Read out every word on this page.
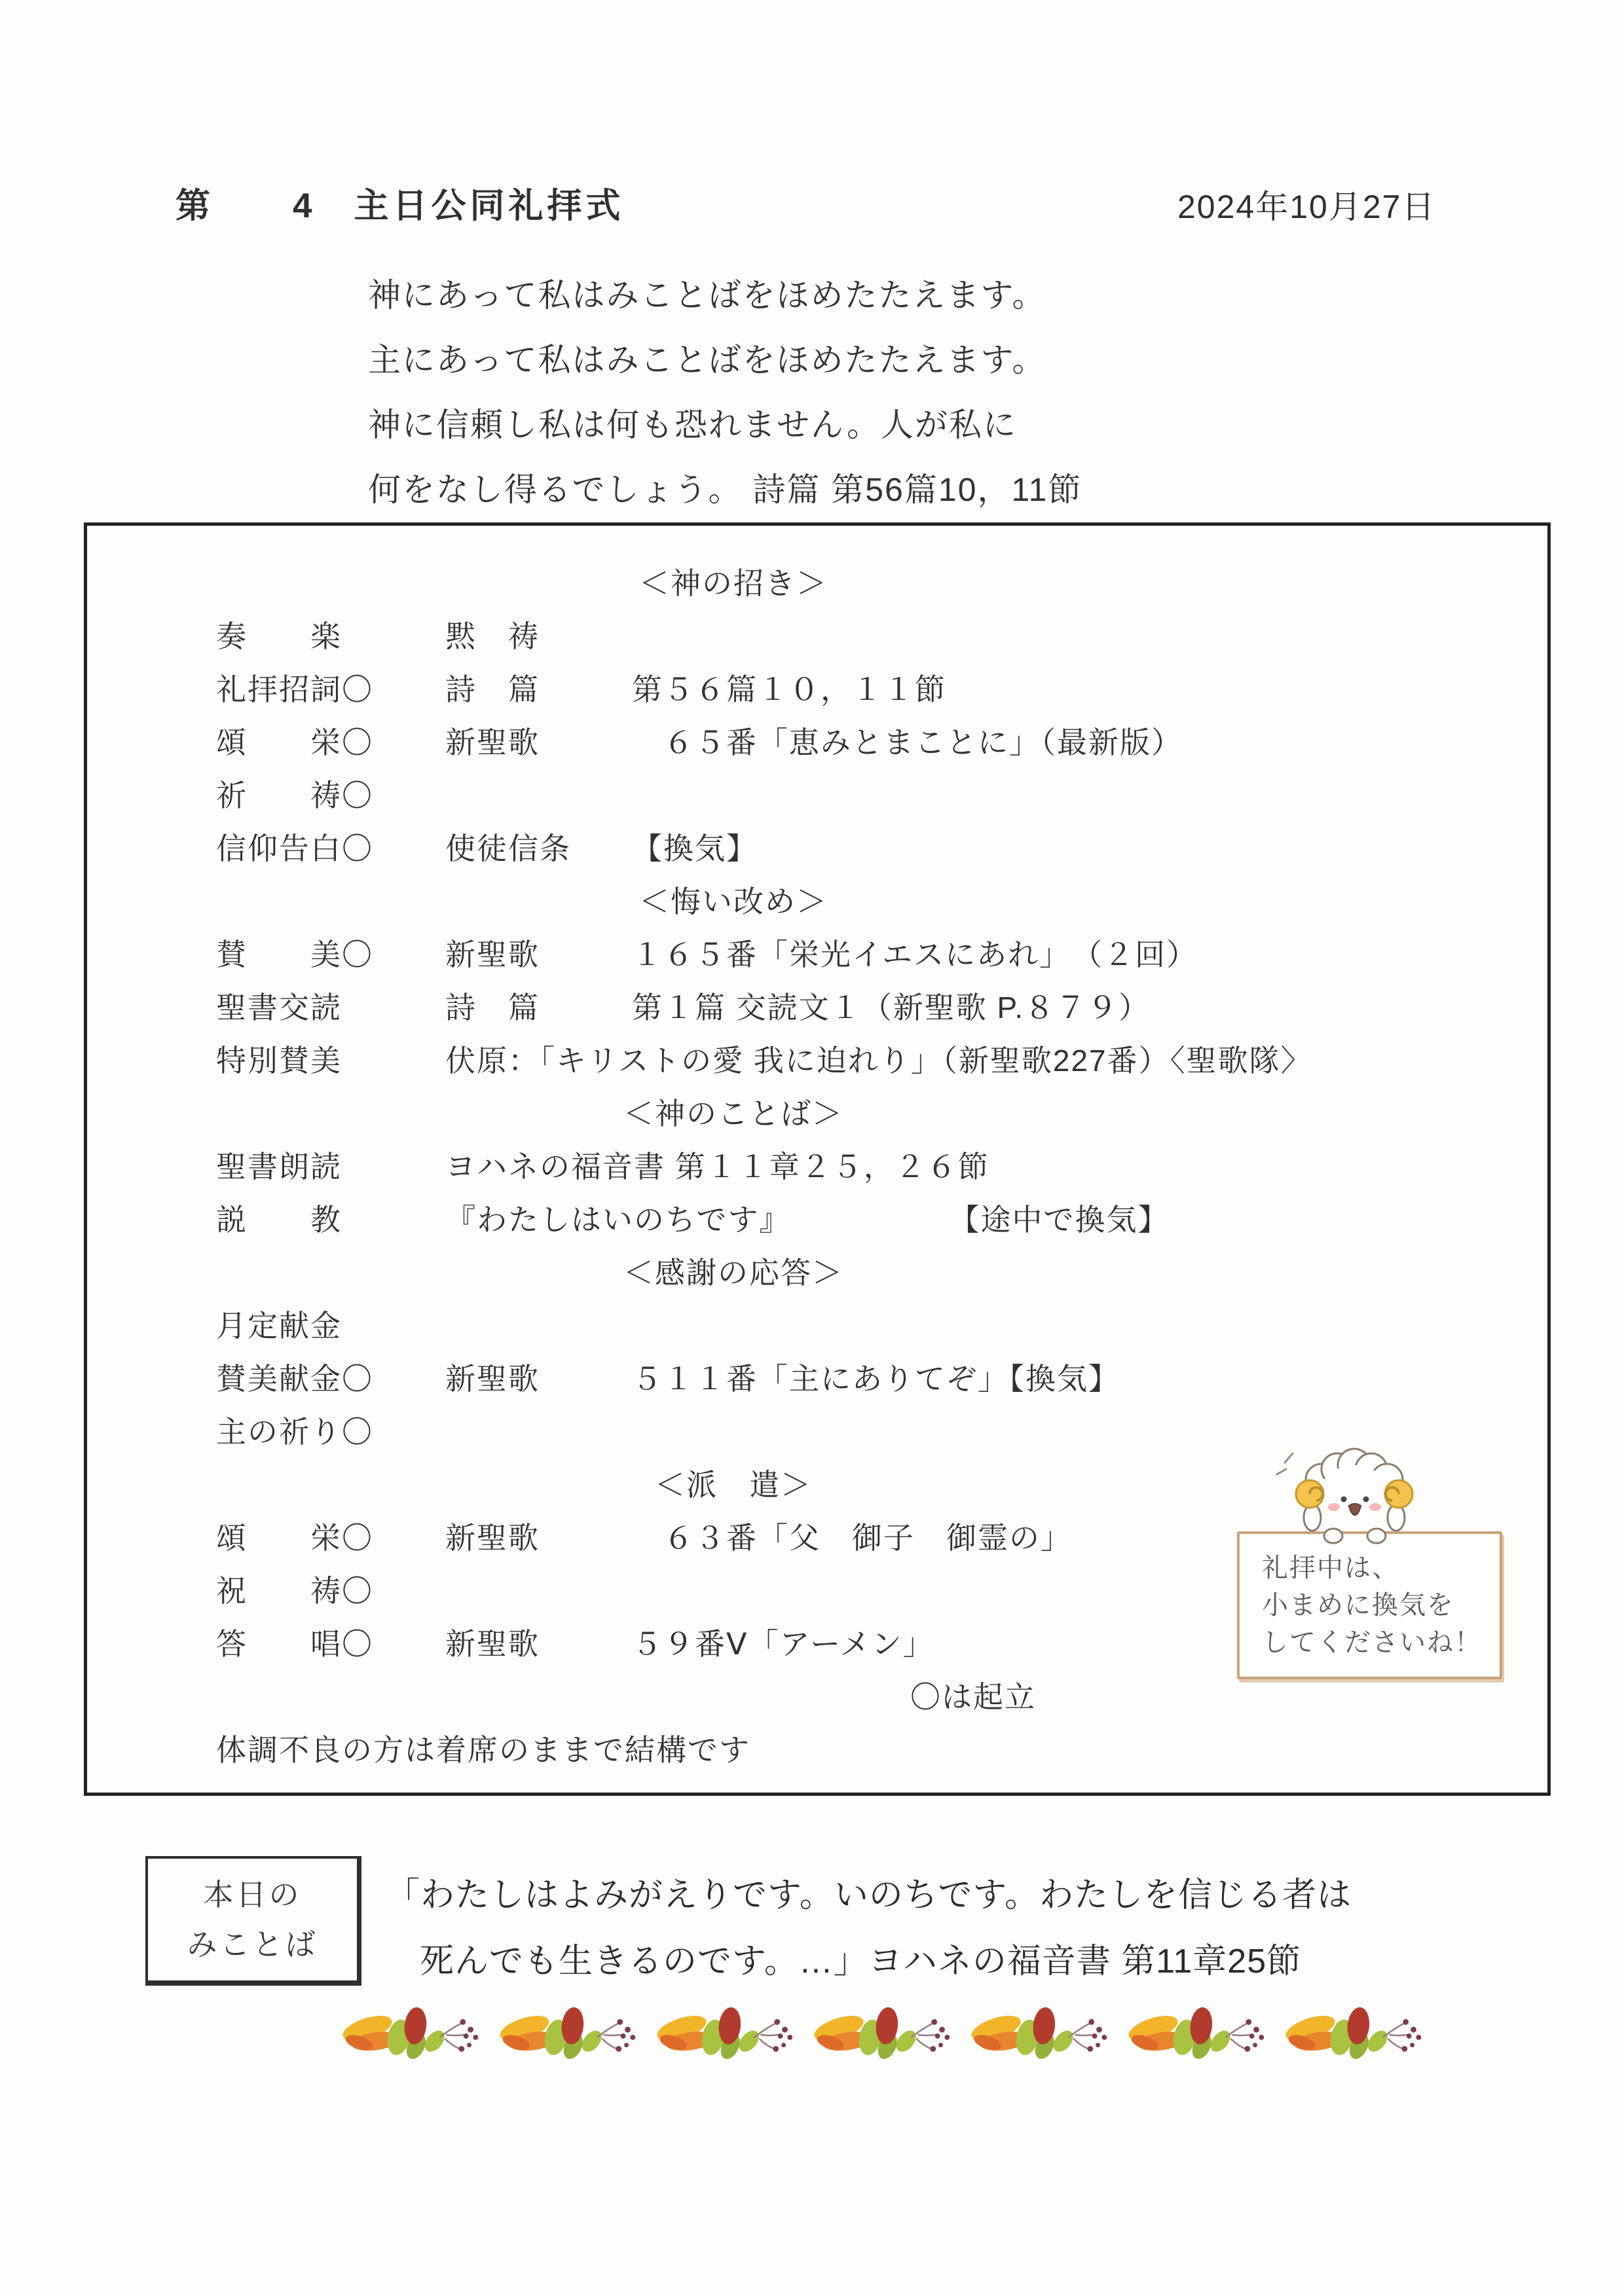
第 4 主日公同礼拝式	2024年10月27日
神にあって私はみことばをほめたたえます。
主にあって私はみことばをほめたたえます。
神に信頼し私は何も恐れません。人が私に
何をなし得るでしょう。 詩篇 第56篇10，11節
＜神の招き＞
奏　　楽	黙　祷
礼拝招詞〇	詩　篇	第５６篇１０，１１節
頌　　栄〇	新聖歌	　６５番「恵みとまことに」（最新版）
祈　　祷〇
信仰告白〇	使徒信条	【換気】
＜悔い改め＞
賛　　美〇	新聖歌	１６５番「栄光イエスにあれ」　（２回）
聖書交読	詩　篇	第１篇 交読文１（新聖歌 P.８７９）
特別賛美	伏原：「キリストの愛 我に迫れり」（新聖歌227番）〈聖歌隊〉
＜神のことば＞
聖書朗読	ヨハネの福音書 第１１章２５，２６節
説　　教	『わたしはいのちです』　　　　　　【途中で換気】
＜感謝の応答＞
月定献金
賛美献金〇	新聖歌	５１１番「主にありてぞ」【換気】
主の祈り〇
＜派　遣＞
頌　　栄〇	新聖歌	　６３番「父　御子　御霊の」
祝　　祷〇
答　　唱〇	新聖歌	５９番Ⅴ「アーメン」
〇は起立
体調不良の方は着席のままで結構です
礼拝中は、
小まめに換気を
してくださいね！
本日の
みことば
「わたしはよみがえりです。いのちです。わたしを信じる者は
死んでも生きるのです。…」ヨハネの福音書 第11章25節
